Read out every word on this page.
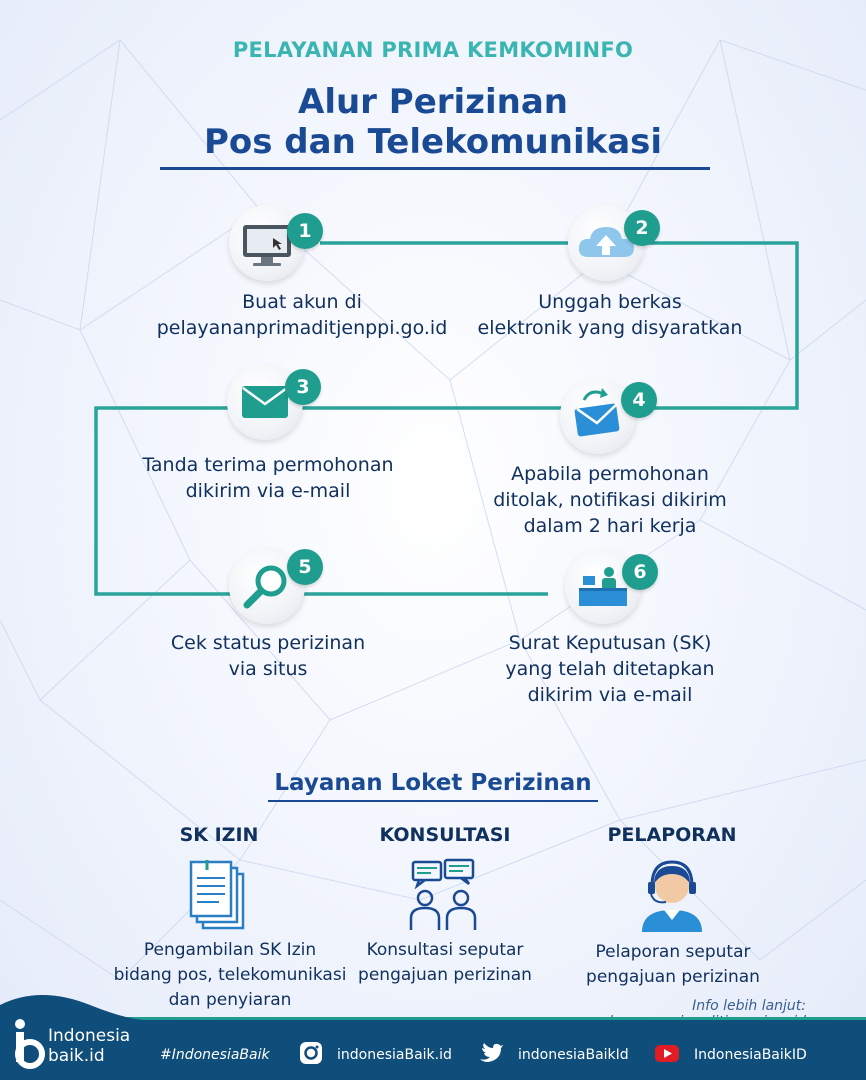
PELAYANAN PRIMA KEMKOMINFO
Alur Perizinan
Pos dan Telekomunikasi
1
Buat akun di
pelayananprimaditjenppi.go.id
2
Unggah berkas
elektronik yang disyaratkan
3
Tanda terima permohonan
dikirim via e-mail
4
Apabila permohonan
ditolak, notifikasi dikirim
dalam 2 hari kerja
5
Cek status perizinan
via situs
6
Surat Keputusan (SK)
yang telah ditetapkan
dikirim via e-mail
Layanan Loket Perizinan
SK IZIN
Pengambilan SK Izin
bidang pos, telekomunikasi
dan penyiaran
KONSULTASI
Konsultasi seputar
pengajuan perizinan
PELAPORAN
Pelaporan seputar
pengajuan perizinan
Info lebih lanjut:
Indonesia
baik.id	#IndonesiaBaik	indonesiaBaik.id	indonesiaBaikId	IndonesiaBaikID
